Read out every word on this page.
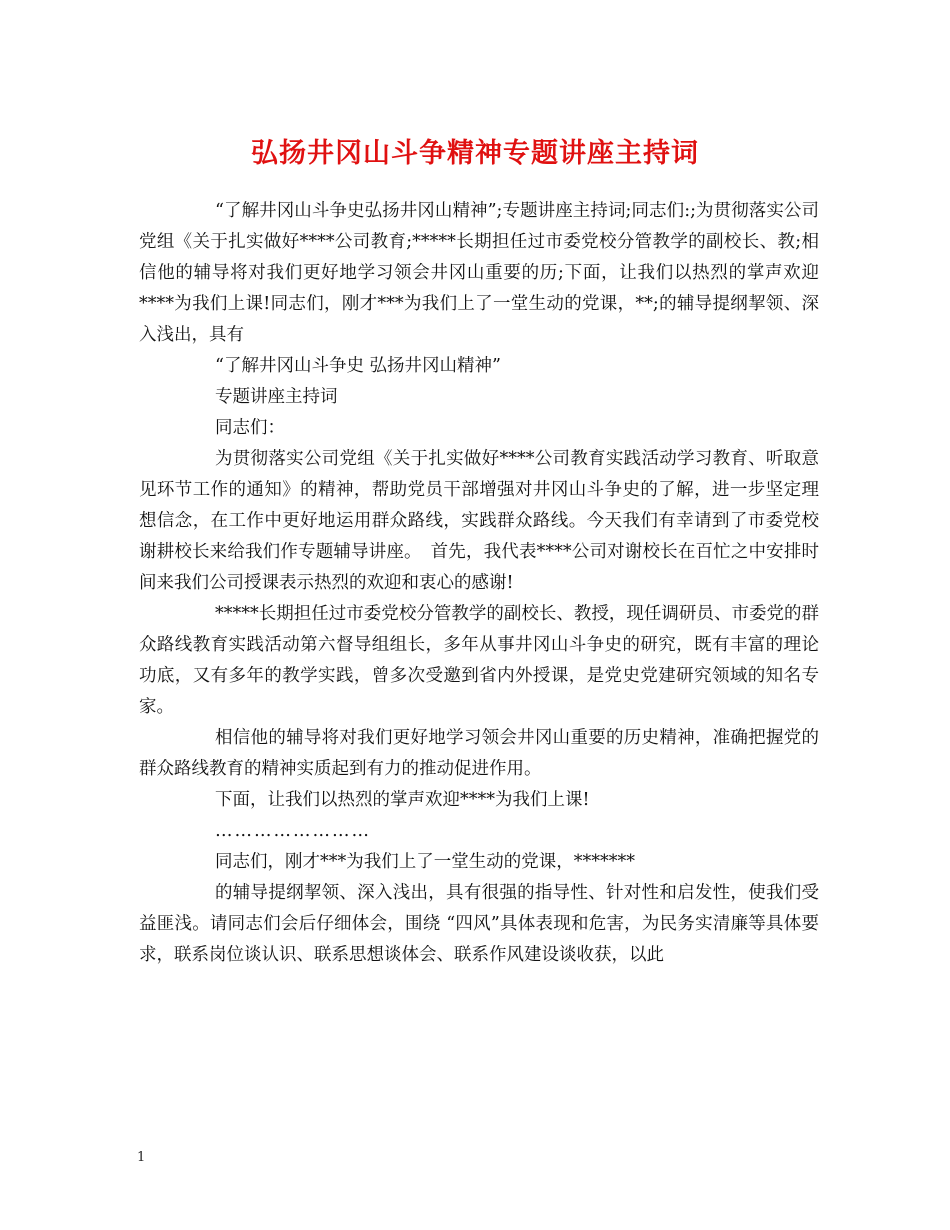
弘扬井冈山斗争精神专题讲座主持词

“了解井冈山斗争史弘扬井冈山精神”;专题讲座主持词;同志们:;为贯彻落实公司党组《关于扎实做好****公司教育;*****长期担任过市委党校分管教学的副校长、教;相信他的辅导将对我们更好地学习领会井冈山重要的历;下面，让我们以热烈的掌声欢迎****为我们上课!同志们，刚才***为我们上了一堂生动的党课，**;的辅导提纲挈领、深入浅出，具有

“了解井冈山斗争史 弘扬井冈山精神”

专题讲座主持词

同志们：

为贯彻落实公司党组《关于扎实做好****公司教育实践活动学习教育、听取意见环节工作的通知》的精神，帮助党员干部增强对井冈山斗争史的了解，进一步坚定理想信念，在工作中更好地运用群众路线，实践群众路线。今天我们有幸请到了市委党校谢耕校长来给我们作专题辅导讲座。　首先，我代表****公司对谢校长在百忙之中安排时间来我们公司授课表示热烈的欢迎和衷心的感谢!

*****长期担任过市委党校分管教学的副校长、教授，现任调研员、市委党的群众路线教育实践活动第六督导组组长，多年从事井冈山斗争史的研究，既有丰富的理论功底，又有多年的教学实践，曾多次受邀到省内外授课，是党史党建研究领域的知名专家。

相信他的辅导将对我们更好地学习领会井冈山重要的历史精神，准确把握党的群众路线教育的精神实质起到有力的推动促进作用。

下面，让我们以热烈的掌声欢迎****为我们上课!

……………………

同志们，刚才***为我们上了一堂生动的党课，*******

的辅导提纲挈领、深入浅出，具有很强的指导性、针对性和启发性，使我们受益匪浅。请同志们会后仔细体会，围绕 “四风”具体表现和危害，为民务实清廉等具体要求，联系岗位谈认识、联系思想谈体会、联系作风建设谈收获，以此

1
